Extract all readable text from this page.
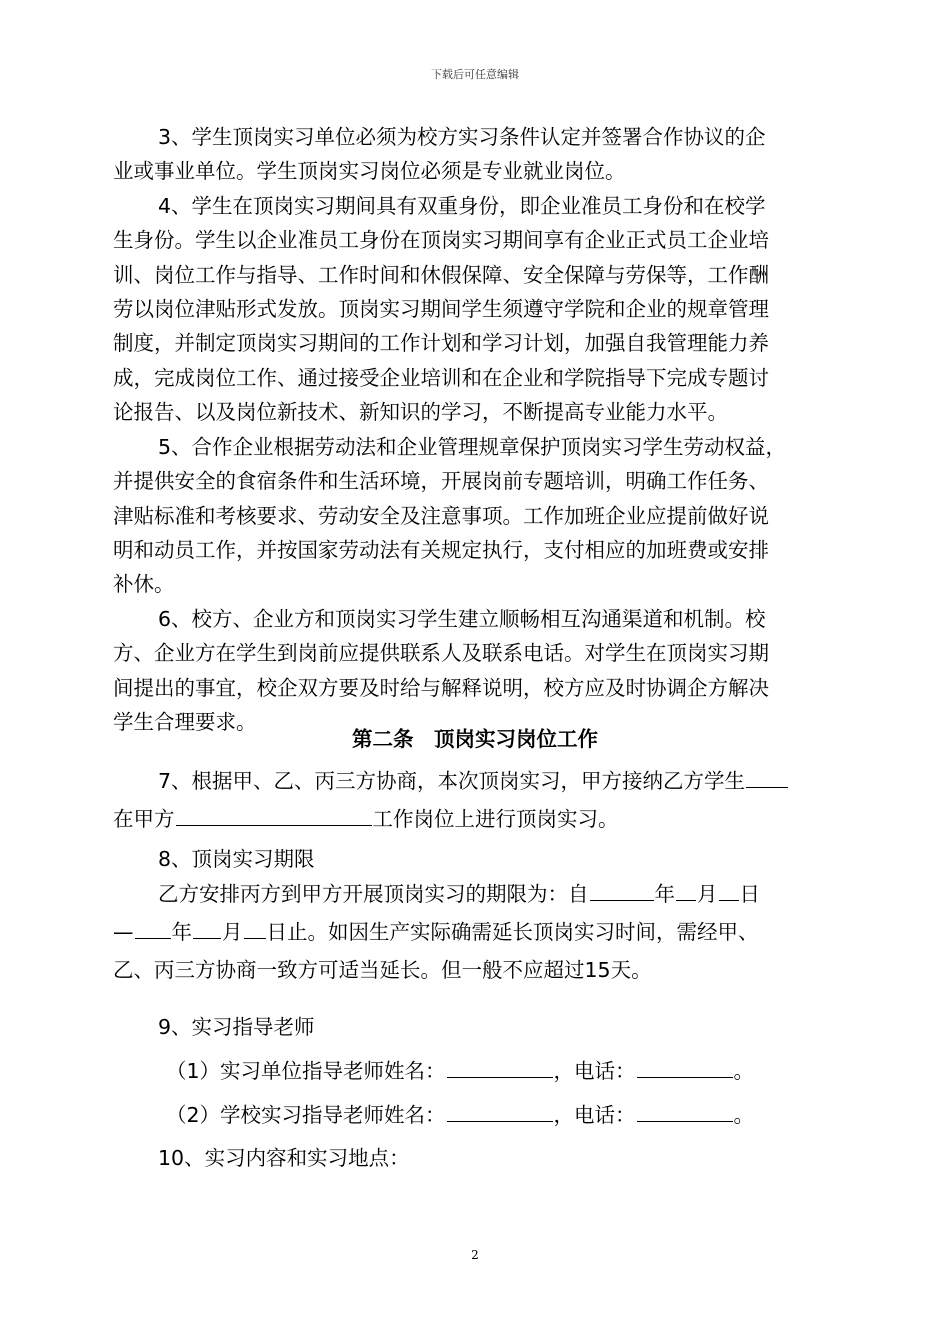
下载后可任意编辑
3、学生顶岗实习单位必须为校方实习条件认定并签署合作协议的企
业或事业单位。学生顶岗实习岗位必须是专业就业岗位。
4、学生在顶岗实习期间具有双重身份，即企业准员工身份和在校学
生身份。学生以企业准员工身份在顶岗实习期间享有企业正式员工企业培
训、岗位工作与指导、工作时间和休假保障、安全保障与劳保等，工作酬
劳以岗位津贴形式发放。顶岗实习期间学生须遵守学院和企业的规章管理
制度，并制定顶岗实习期间的工作计划和学习计划，加强自我管理能力养
成，完成岗位工作、通过接受企业培训和在企业和学院指导下完成专题讨
论报告、以及岗位新技术、新知识的学习，不断提高专业能力水平。
5、合作企业根据劳动法和企业管理规章保护顶岗实习学生劳动权益，
并提供安全的食宿条件和生活环境，开展岗前专题培训，明确工作任务、
津贴标准和考核要求、劳动安全及注意事项。工作加班企业应提前做好说
明和动员工作，并按国家劳动法有关规定执行，支付相应的加班费或安排
补休。
6、校方、企业方和顶岗实习学生建立顺畅相互沟通渠道和机制。校
方、企业方在学生到岗前应提供联系人及联系电话。对学生在顶岗实习期
间提出的事宜，校企双方要及时给与解释说明，校方应及时协调企方解决
学生合理要求。
第二条　顶岗实习岗位工作
7、根据甲、乙、丙三方协商，本次顶岗实习，甲方接纳乙方学生
在甲方	工作岗位上进行顶岗实习。
8、顶岗实习期限
乙方安排丙方到甲方开展顶岗实习的期限为：自	年 月 日
— 年 月 日止。如因生产实际确需延长顶岗实习时间，需经甲、
乙、丙三方协商一致方可适当延长。但一般不应超过15天。
9、实习指导老师
（1）实习单位指导老师姓名：	，电话：	。
（2）学校实习指导老师姓名：	，电话：	。
10、实习内容和实习地点：
2
